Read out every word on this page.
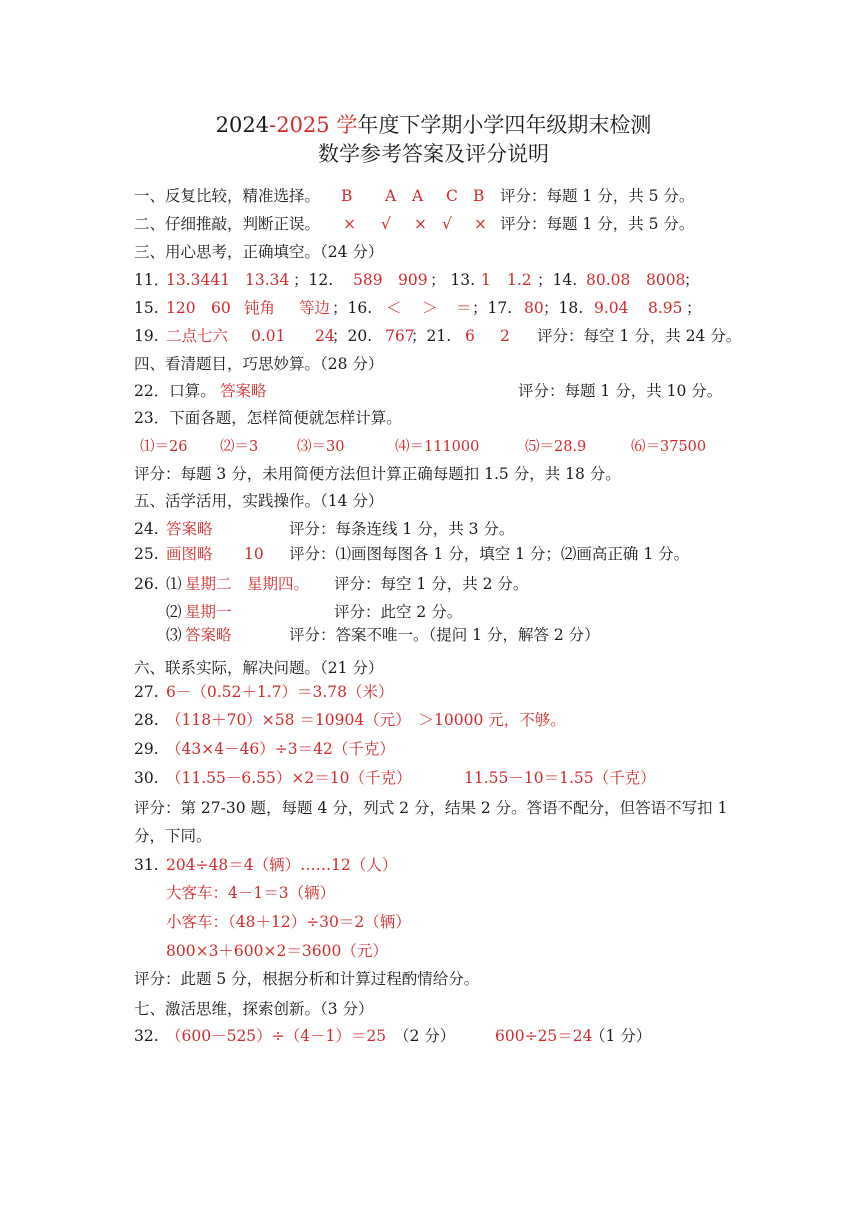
2024-2025 学年度下学期小学四年级期末检测
数学参考答案及评分说明
一、反复比较，精准选择。 B A A C B 评分：每题 1 分，共 5 分。
二、仔细推敲，判断正误。 × √ × √ × 评分：每题 1 分，共 5 分。
三、用心思考，正确填空。（24 分）
11．
13.3441 13.34 ；12. 589 909 ； 13. 1 1.2 ；14. 80.08 8008
；
15. 120 60 钝角 等边 ；16. ＜ ＞ ＝ ；17. 80 ；18. 9.04 8.95 ；
19. 二点七六 0.01 24
；20. 767
；21. 6 2 评分：每空 1 分，共 24 分。
四、看清题目，巧思妙算。（28 分）
22．口算。 答案略	评分：每题 1 分，共 10 分。
23．下面各题，怎样简便就怎样计算。
⑴＝26 ⑵＝3	⑶＝30	⑷＝111000	⑸＝28.9	⑹＝37500
评分：每题 3 分，未用简便方法但计算正确每题扣 1.5 分，共 18 分。
五、活学活用，实践操作。（14 分）
24. 答案略	评分：每条连线 1 分，共 3 分。
25. 画图略 10 评分：⑴画图每图各 1 分，填空 1 分；⑵画高正确 1 分。
26. ⑴ 星期二　星期四。 评分：每空 1 分，共 2 分。
⑵ 星期一	评分：此空 2 分。
⑶ 答案略	评分：答案不唯一。（提问 1 分，解答 2 分）
六、联系实际，解决问题。（21 分）
27. 6－（0.52＋1.7）＝3.78（米）
28. （118＋70）×58 ＝10904（元）　＞10000 元，不够。
29. （43×4－46）÷3＝42（千克）
30. （11.55－6.55）×2＝10（千克）	11.55－10＝1.55（千克）
评分：第 27-30 题，每题 4 分，列式 2 分，结果 2 分。答语不配分，但答语不写扣 1
分，下同。
31. 204÷48＝4（辆）……12（人）
大客车：4－1＝3（辆）
小客车：（48＋12）÷30＝2（辆）
800×3＋600×2＝3600（元）
评分：此题 5 分，根据分析和计算过程酌情给分。
七、激活思维，探索创新。（3 分）
32. （600－525）÷（4－1）＝25 （2 分）	600÷25＝24
（1 分）
